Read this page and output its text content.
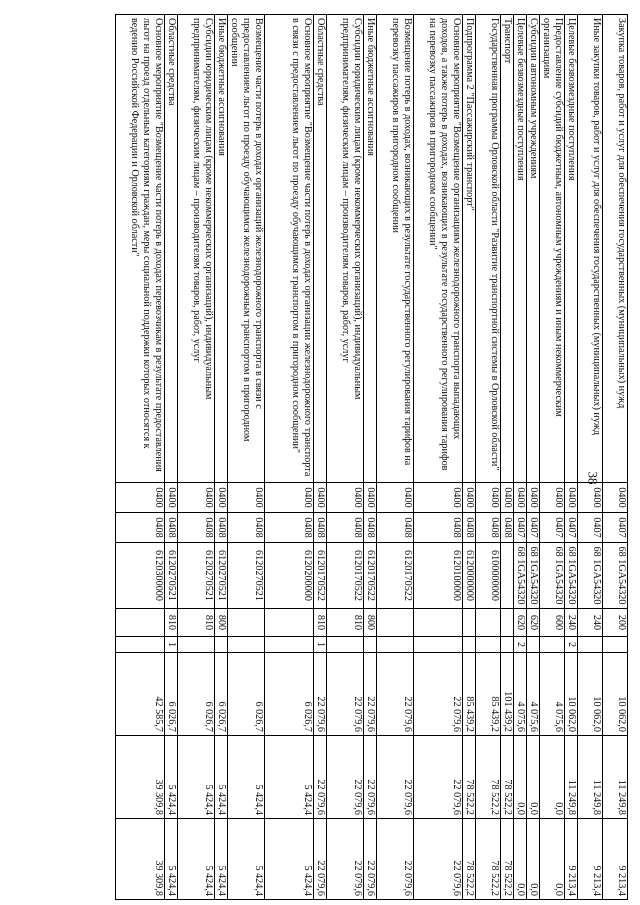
38
Закупка товаров, работ и услуг для обеспечения государственных (муниципальных) нужд	0400	0407	68 1GA54320	200		10 062,0	11 249,8	9 213,4
Иные закупки товаров, работ и услуг для обеспечения государственных (муниципальных) нужд	0400	0407	68 1GA54320	240		10 062,0	11 249,8	9 213,4
Целевые безвозмездные поступления	0400	0407	68 1GA54320	240	2	10 062,0	11 249,8	9 213,4
Предоставление субсидий бюджетным, автономным учреждениям и иным некоммерческим организациям	0400	0407	68 1GA54320	600		4 075,6	0,0	0,0
Субсидии автономным учреждениям	0400	0407	68 1GA54320	620		4 075,6	0,0	0,0
Целевые безвозмездные поступления	0400	0407	68 1GA54320	620	2	4 075,6	0,0	0,0
Транспорт	0400	0408				101 439,2	78 522,2	78 522,2
Государственная программа Орловской области "Развитие транспортной системы в Орловской области"	0400	0408	6100000000			85 439,2	78 522,2	78 522,2
Подпрограмма 2 "Пассажирский транспорт"	0400	0408	6120000000			85 439,2	78 522,2	78 522,2
Основное мероприятие "Возмещение организациям железнодорожного транспорта выпадающих доходов, а также потерь в доходах, возникающих в результате государственного регулирования тарифов на перевозку пассажиров в пригородном сообщении"	0400	0408	6120100000			22 079,6	22 079,6	22 079,6
Возмещение потерь в доходах, возникающих в результате государственного регулирования тарифов на перевозку пассажиров в пригородном сообщении	0400	0408	6120170522			22 079,6	22 079,6	22 079,6
Иные бюджетные ассигнования	0400	0408	6120170522	800		22 079,6	22 079,6	22 079,6
Субсидии юридическим лицам (кроме некоммерческих организаций), индивидуальным предпринимателям, физическим лицам – производителям товаров, работ, услуг	0400	0408	6120170522	810		22 079,6	22 079,6	22 079,6
Областные средства	0400	0408	6120170522	810	1	22 079,6	22 079,6	22 079,6
Основное мероприятие "Возмещение части потерь в доходах организации железнодорожного транспорта в связи с предоставлением льгот по проезду обучающимся транспортом в пригородном сообщении"	0400	0408	6120200000			6 026,7	5 424,4	5 424,4
Возмещение части потерь в доходах организаций железнодорожного транспорта в связи с предоставлением льгот по проезду обучающимся железнодорожным транспортом в пригородном сообщении	0400	0408	6120270521			6 026,7	5 424,4	5 424,4
Иные бюджетные ассигнования	0400	0408	6120270521	800		6 026,7	5 424,4	5 424,4
Субсидии юридическим лицам (кроме некоммерческих организаций), индивидуальным предпринимателям, физическим лицам – производителям товаров, работ, услуг	0400	0408	6120270521	810		6 026,7	5 424,4	5 424,4
Областные средства	0400	0408	6120270521	810	1	6 026,7	5 424,4	5 424,4
Основное мероприятие "Возмещение части потерь в доходах перевозчикам в результате предоставления льгот на проезд отдельным категориям граждан, меры социальной поддержки которых относятся к ведению Российской Федерации и Орловской области"	0400	0408	6120300000			42 585,7	39 309,8	39 309,8
